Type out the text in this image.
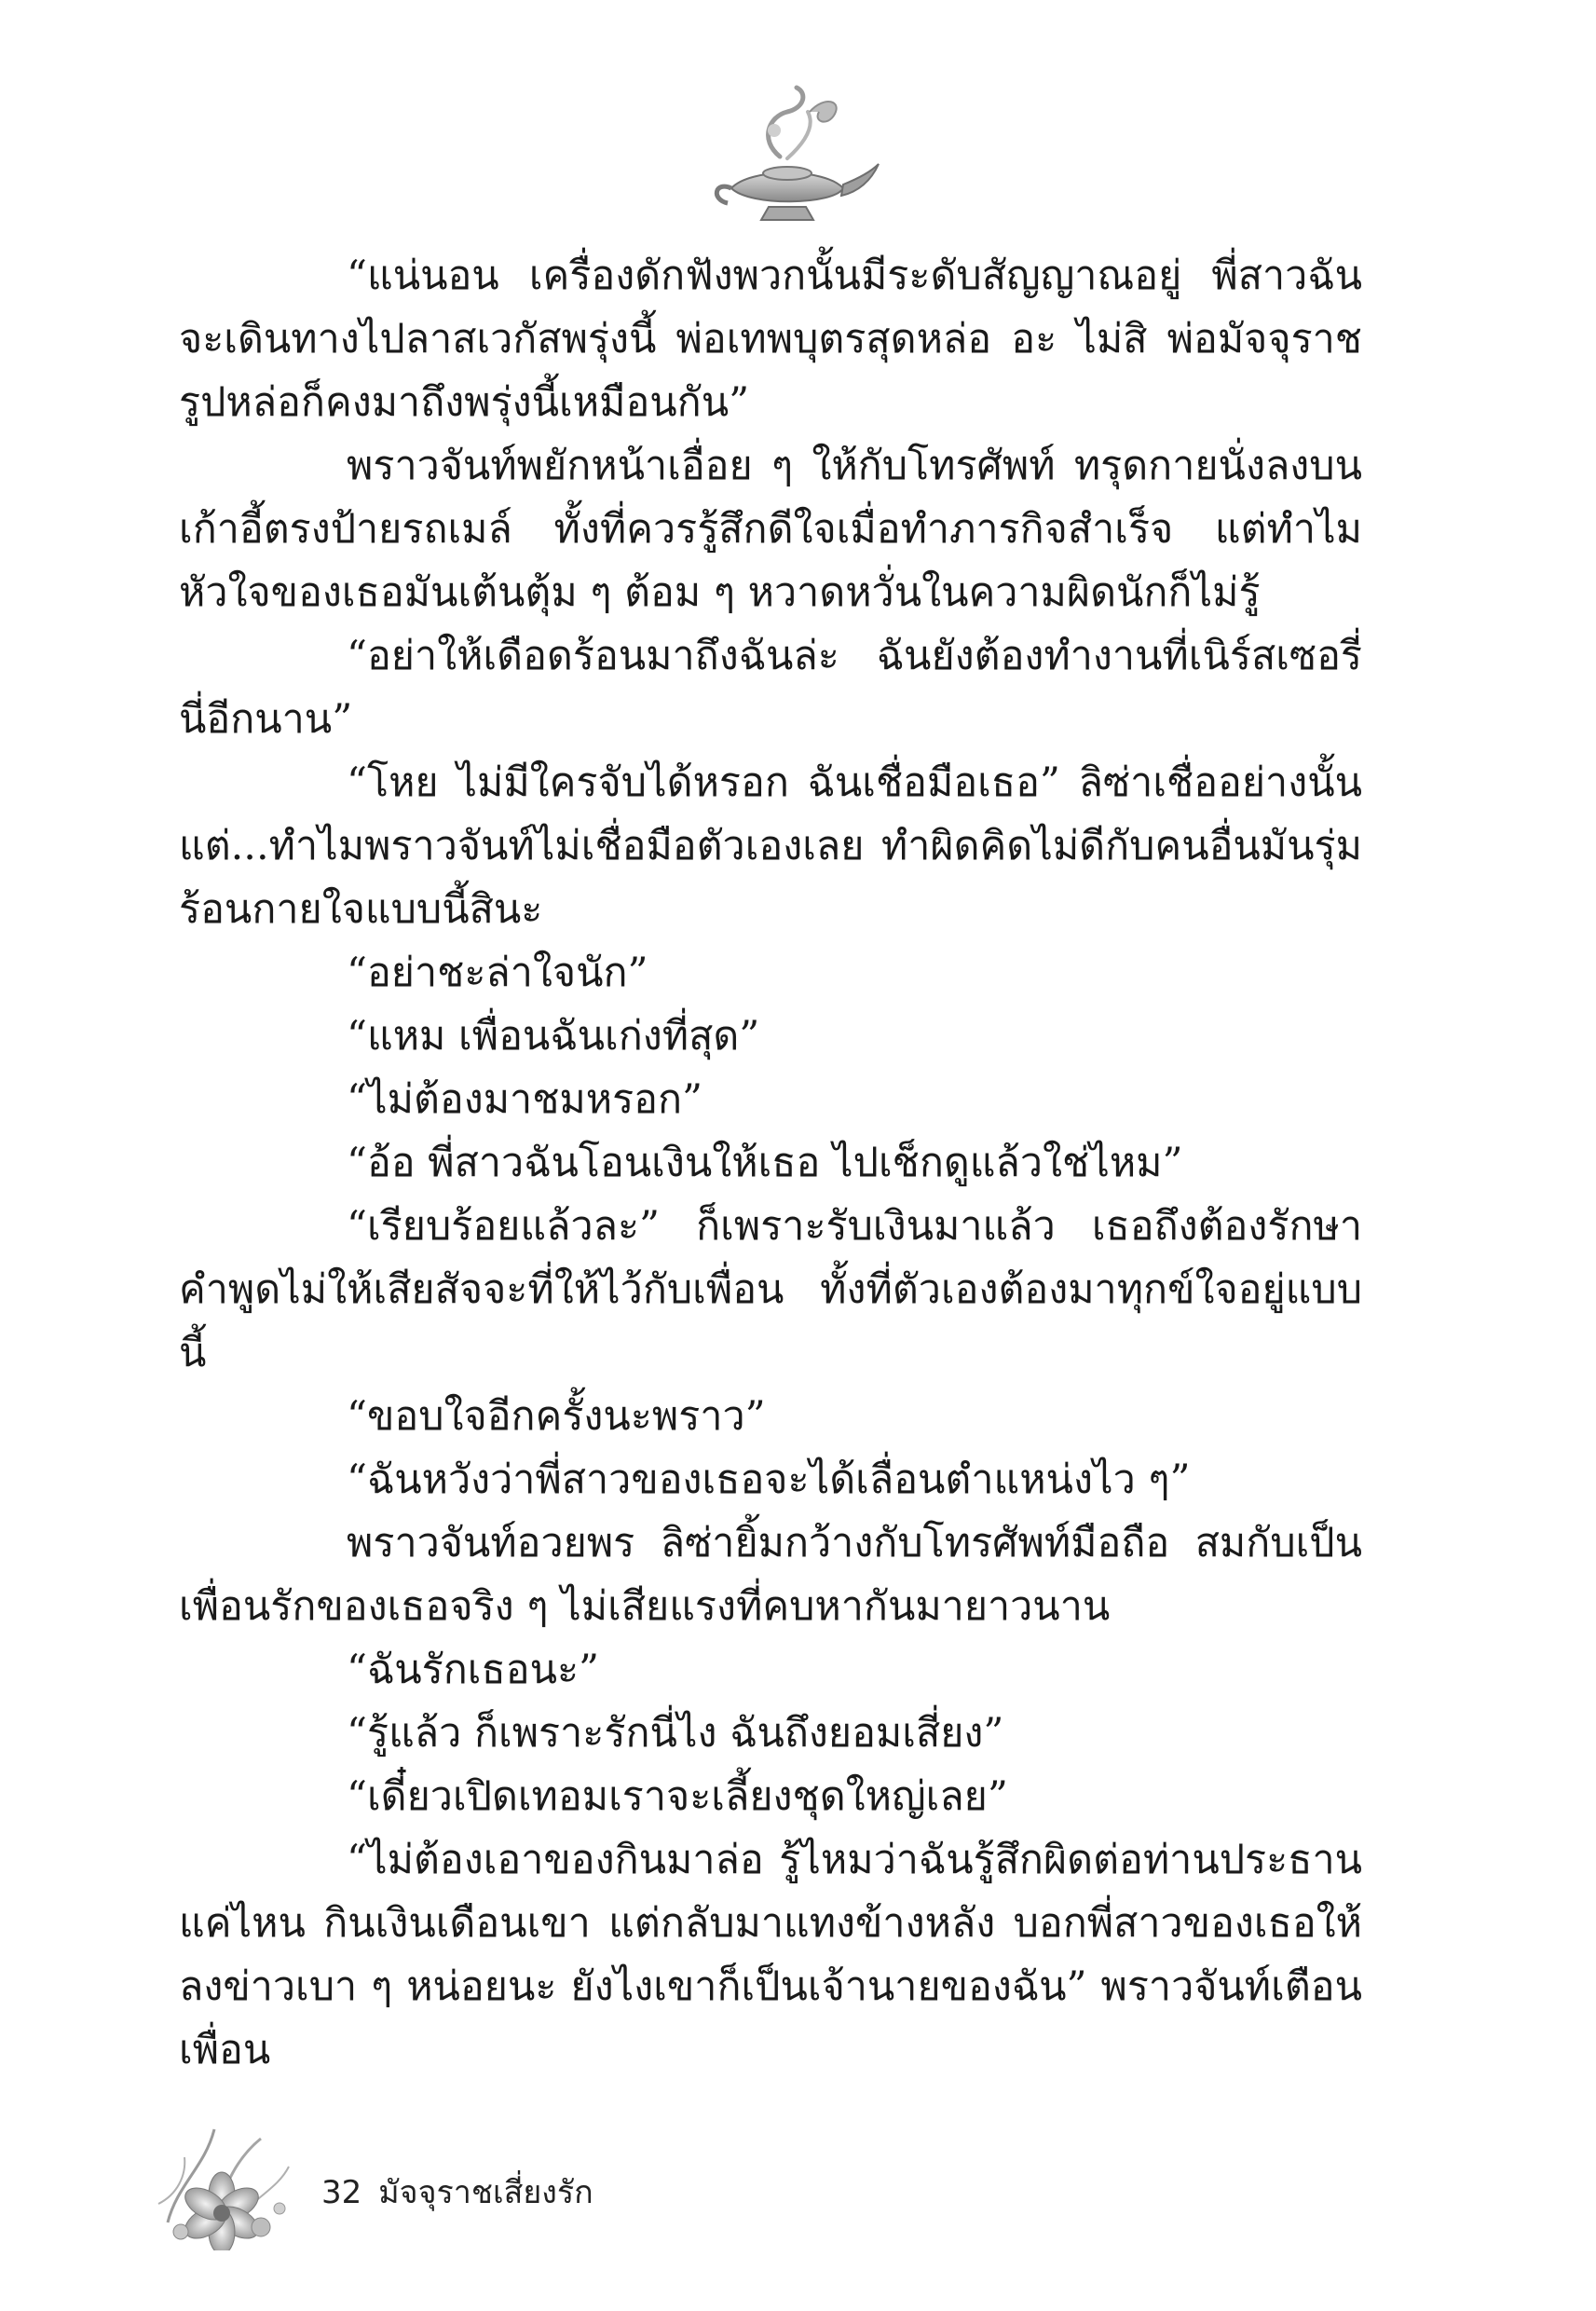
“แน่นอน เครื่องดักฟังพวกนั้นมีระดับสัญญาณอยู่ พี่สาวฉันจะเดินทางไปลาสเวกัสพรุ่งนี้ พ่อเทพบุตรสุดหล่อ อะ ไม่สิ พ่อมัจจุราชรูปหล่อก็คงมาถึงพรุ่งนี้เหมือนกัน”

พราวจันท์พยักหน้าเอื่อย ๆ ให้กับโทรศัพท์ ทรุดกายนั่งลงบนเก้าอี้ตรงป้ายรถเมล์ ทั้งที่ควรรู้สึกดีใจเมื่อทำภารกิจสำเร็จ แต่ทำไมหัวใจของเธอมันเต้นตุ้ม ๆ ต้อม ๆ หวาดหวั่นในความผิดนักก็ไม่รู้

“อย่าให้เดือดร้อนมาถึงฉันล่ะ ฉันยังต้องทำงานที่เนิร์สเซอรี่นี่อีกนาน”

“โหย ไม่มีใครจับได้หรอก ฉันเชื่อมือเธอ” ลิซ่าเชื่ออย่างนั้นแต่...ทำไมพราวจันท์ไม่เชื่อมือตัวเองเลย ทำผิดคิดไม่ดีกับคนอื่นมันรุ่มร้อนกายใจแบบนี้สินะ

“อย่าชะล่าใจนัก”

“แหม เพื่อนฉันเก่งที่สุด”

“ไม่ต้องมาชมหรอก”

“อ้อ พี่สาวฉันโอนเงินให้เธอ ไปเช็กดูแล้วใช่ไหม”

“เรียบร้อยแล้วละ” ก็เพราะรับเงินมาแล้ว เธอถึงต้องรักษาคำพูดไม่ให้เสียสัจจะที่ให้ไว้กับเพื่อน ทั้งที่ตัวเองต้องมาทุกข์ใจอยู่แบบนี้

“ขอบใจอีกครั้งนะพราว”

“ฉันหวังว่าพี่สาวของเธอจะได้เลื่อนตำแหน่งไว ๆ”

พราวจันท์อวยพร ลิซ่ายิ้มกว้างกับโทรศัพท์มือถือ สมกับเป็นเพื่อนรักของเธอจริง ๆ ไม่เสียแรงที่คบหากันมายาวนาน

“ฉันรักเธอนะ”

“รู้แล้ว ก็เพราะรักนี่ไง ฉันถึงยอมเสี่ยง”

“เดี๋ยวเปิดเทอมเราจะเลี้ยงชุดใหญ่เลย”

“ไม่ต้องเอาของกินมาล่อ รู้ไหมว่าฉันรู้สึกผิดต่อท่านประธานแค่ไหน กินเงินเดือนเขา แต่กลับมาแทงข้างหลัง บอกพี่สาวของเธอให้ลงข่าวเบา ๆ หน่อยนะ ยังไงเขาก็เป็นเจ้านายของฉัน” พราวจันท์เตือนเพื่อน

32 มัจจุราชเสี่ยงรัก
